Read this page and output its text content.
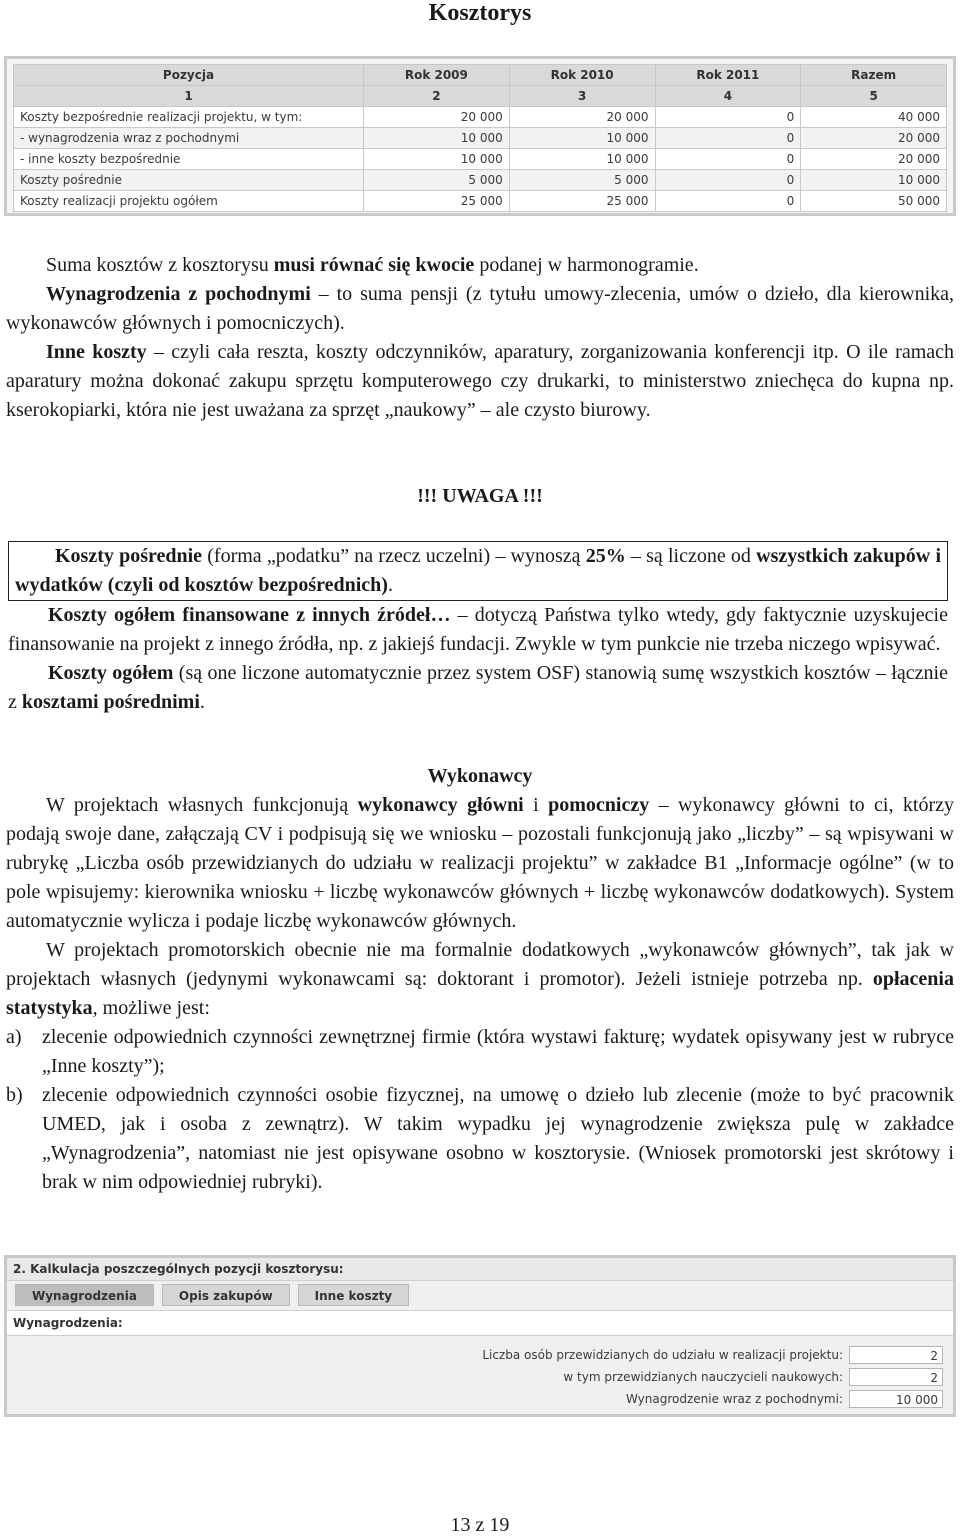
Kosztorys
Pozycja	Rok 2009	Rok 2010	Rok 2011	Razem
1	2	3	4	5
Koszty bezpośrednie realizacji projektu, w tym:	20 000	20 000	0	40 000
- wynagrodzenia wraz z pochodnymi	10 000	10 000	0	20 000
- inne koszty bezpośrednie	10 000	10 000	0	20 000
Koszty pośrednie	5 000	5 000	0	10 000
Koszty realizacji projektu ogółem	25 000	25 000	0	50 000

Suma kosztów z kosztorysu musi równać się kwocie podanej w harmonogramie.

Wynagrodzenia z pochodnymi – to suma pensji (z tytułu umowy-zlecenia, umów o dzieło, dla kierownika, wykonawców głównych i pomocniczych).

Inne koszty – czyli cała reszta, koszty odczynników, aparatury, zorganizowania konferencji itp. O ile ramach aparatury można dokonać zakupu sprzętu komputerowego czy drukarki, to ministerstwo zniechęca do kupna np. kserokopiarki, która nie jest uważana za sprzęt „naukowy” – ale czysto biurowy.

!!! UWAGA !!!

Koszty pośrednie (forma „podatku” na rzecz uczelni) – wynoszą 25% – są liczone od wszystkich zakupów i wydatków (czyli od kosztów bezpośrednich).

Koszty ogółem finansowane z innych źródeł… – dotyczą Państwa tylko wtedy, gdy faktycznie uzyskujecie finansowanie na projekt z innego źródła, np. z jakiejś fundacji. Zwykle w tym punkcie nie trzeba niczego wpisywać.

Koszty ogółem (są one liczone automatycznie przez system OSF) stanowią sumę wszystkich kosztów – łącznie z kosztami pośrednimi.

Wykonawcy

W projektach własnych funkcjonują wykonawcy główni i pomocniczy – wykonawcy główni to ci, którzy podają swoje dane, załączają CV i podpisują się we wniosku – pozostali funkcjonują jako „liczby” – są wpisywani w rubrykę „Liczba osób przewidzianych do udziału w realizacji projektu” w zakładce B1 „Informacje ogólne” (w to pole wpisujemy: kierownika wniosku + liczbę wykonawców głównych + liczbę wykonawców dodatkowych). System automatycznie wylicza i podaje liczbę wykonawców głównych.

W projektach promotorskich obecnie nie ma formalnie dodatkowych „wykonawców głównych”, tak jak w projektach własnych (jedynymi wykonawcami są: doktorant i promotor). Jeżeli istnieje potrzeba np. opłacenia statystyka, możliwe jest:

a) zlecenie odpowiednich czynności zewnętrznej firmie (która wystawi fakturę; wydatek opisywany jest w rubryce „Inne koszty”);
b) zlecenie odpowiednich czynności osobie fizycznej, na umowę o dzieło lub zlecenie (może to być pracownik UMED, jak i osoba z zewnątrz). W takim wypadku jej wynagrodzenie zwiększa pulę w zakładce „Wynagrodzenia”, natomiast nie jest opisywane osobno w kosztorysie. (Wniosek promotorski jest skrótowy i brak w nim odpowiedniej rubryki).
2. Kalkulacja poszczególnych pozycji kosztorysu:
Wynagrodzenia	Opis zakupów	Inne koszty
Wynagrodzenia:
Liczba osób przewidzianych do udziału w realizacji projektu:	2
w tym przewidzianych nauczycieli naukowych:	2
Wynagrodzenie wraz z pochodnymi:	10 000
13 z 19
